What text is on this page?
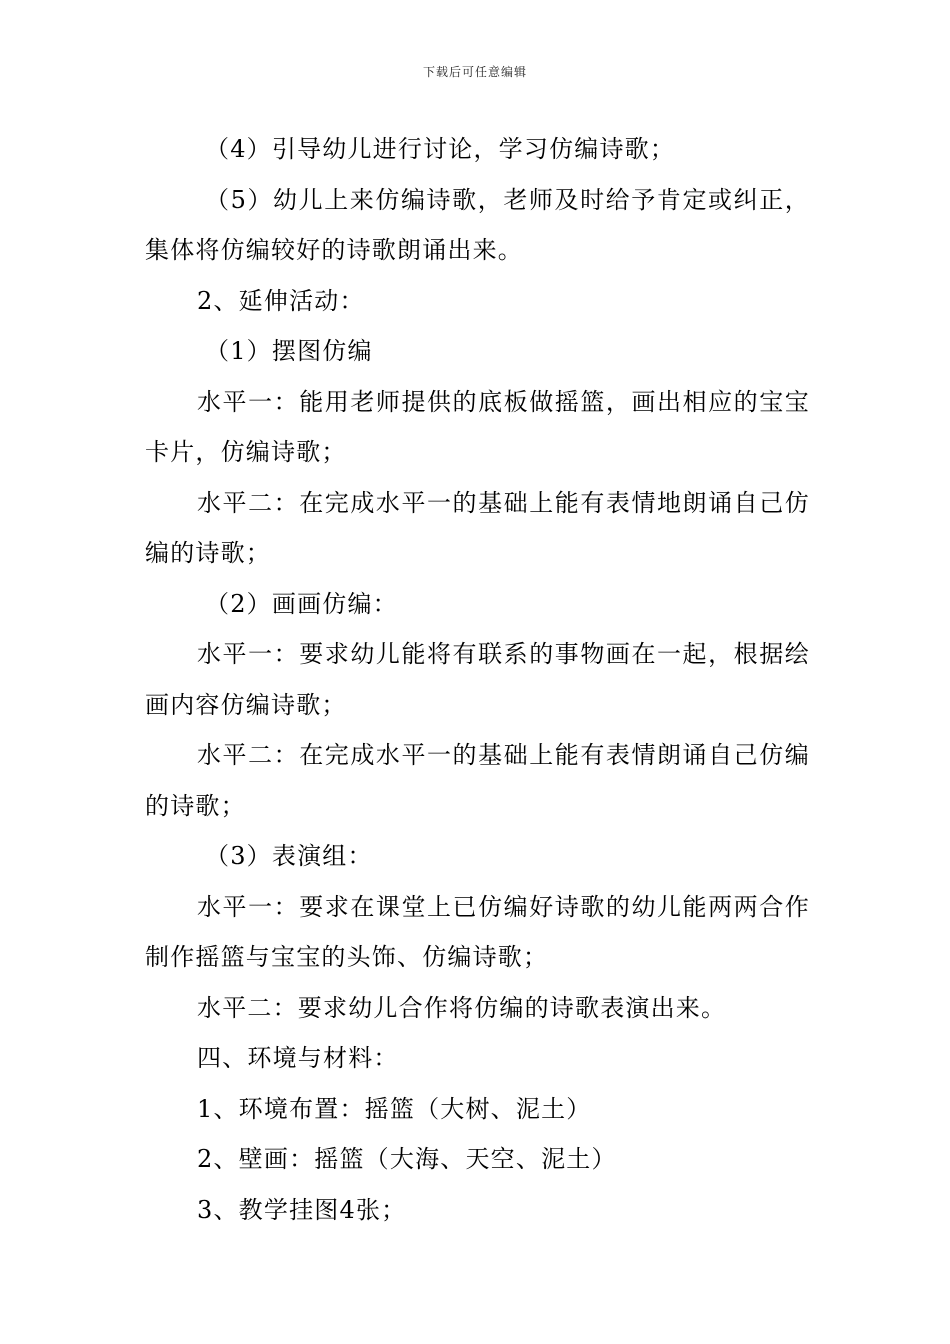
下载后可任意编辑

（4）引导幼儿进行讨论，学习仿编诗歌；

（5）幼儿上来仿编诗歌，老师及时给予肯定或纠正，集体将仿编较好的诗歌朗诵出来。

2、延伸活动：

（1）摆图仿编

水平一：能用老师提供的底板做摇篮，画出相应的宝宝卡片，仿编诗歌；

水平二：在完成水平一的基础上能有表情地朗诵自己仿编的诗歌；

（2）画画仿编：

水平一：要求幼儿能将有联系的事物画在一起，根据绘画内容仿编诗歌；

水平二：在完成水平一的基础上能有表情朗诵自己仿编的诗歌；

（3）表演组：

水平一：要求在课堂上已仿编好诗歌的幼儿能两两合作制作摇篮与宝宝的头饰、仿编诗歌；

水平二：要求幼儿合作将仿编的诗歌表演出来。

四、环境与材料：

1、环境布置：摇篮（大树、泥土）

2、壁画：摇篮（大海、天空、泥土）

3、教学挂图4张；
